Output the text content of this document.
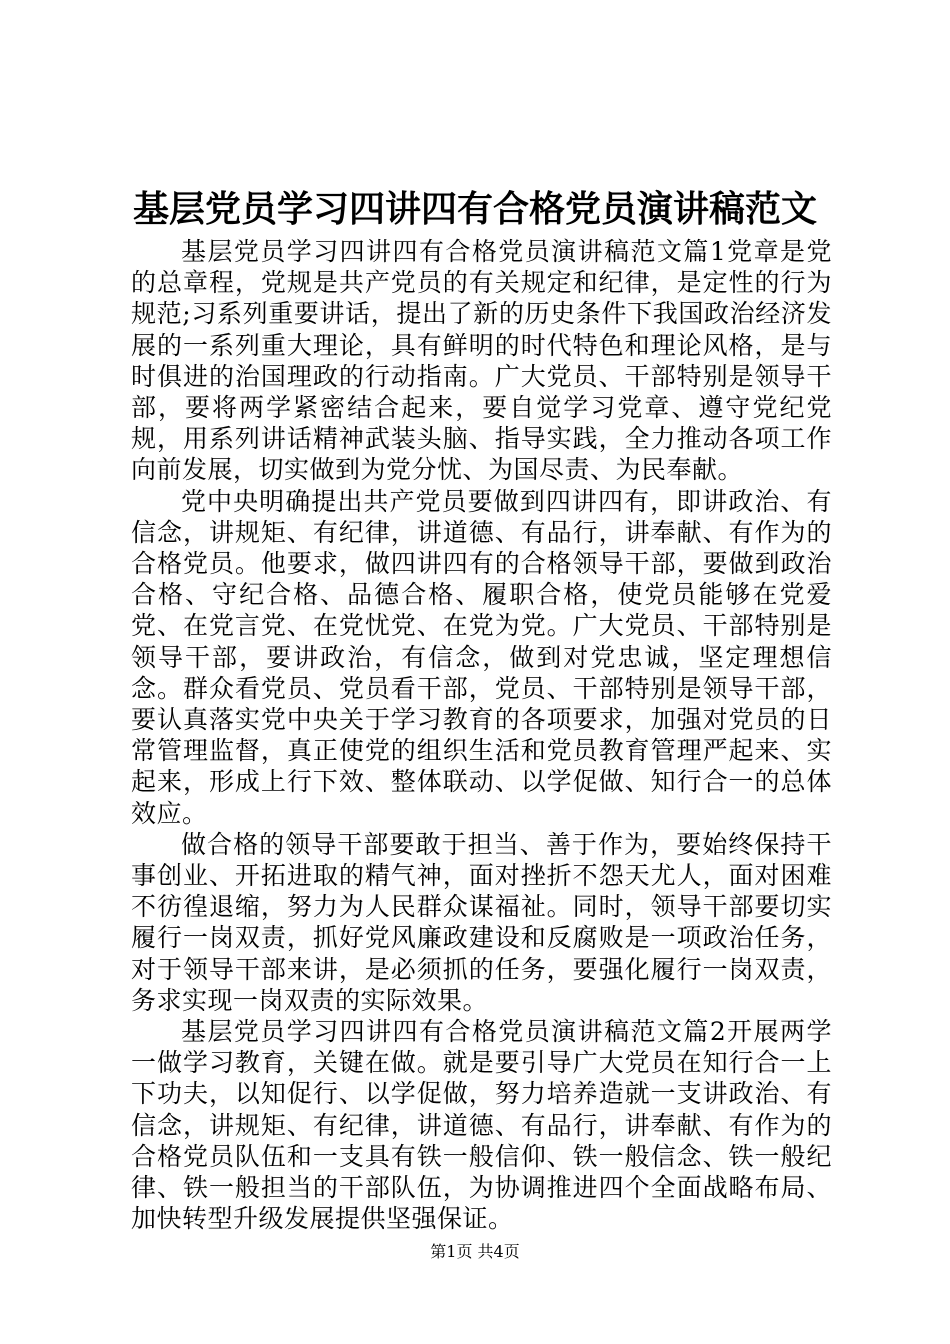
基层党员学习四讲四有合格党员演讲稿范文

基层党员学习四讲四有合格党员演讲稿范文篇1党章是党的总章程，党规是共产党员的有关规定和纪律，是定性的行为规范;习系列重要讲话，提出了新的历史条件下我国政治经济发展的一系列重大理论，具有鲜明的时代特色和理论风格，是与时俱进的治国理政的行动指南。广大党员、干部特别是领导干部，要将两学紧密结合起来，要自觉学习党章、遵守党纪党规，用系列讲话精神武装头脑、指导实践，全力推动各项工作向前发展，切实做到为党分忧、为国尽责、为民奉献。

党中央明确提出共产党员要做到四讲四有，即讲政治、有信念，讲规矩、有纪律，讲道德、有品行，讲奉献、有作为的合格党员。他要求，做四讲四有的合格领导干部，要做到政治合格、守纪合格、品德合格、履职合格，使党员能够在党爱党、在党言党、在党忧党、在党为党。广大党员、干部特别是领导干部，要讲政治，有信念，做到对党忠诚，坚定理想信念。群众看党员、党员看干部，党员、干部特别是领导干部，要认真落实党中央关于学习教育的各项要求，加强对党员的日常管理监督，真正使党的组织生活和党员教育管理严起来、实起来，形成上行下效、整体联动、以学促做、知行合一的总体效应。

做合格的领导干部要敢于担当、善于作为，要始终保持干事创业、开拓进取的精气神，面对挫折不怨天尤人，面对困难不彷徨退缩，努力为人民群众谋福祉。同时，领导干部要切实履行一岗双责，抓好党风廉政建设和反腐败是一项政治任务，对于领导干部来讲，是必须抓的任务，要强化履行一岗双责，务求实现一岗双责的实际效果。

基层党员学习四讲四有合格党员演讲稿范文篇2开展两学一做学习教育，关键在做。就是要引导广大党员在知行合一上下功夫，以知促行、以学促做，努力培养造就一支讲政治、有信念，讲规矩、有纪律，讲道德、有品行，讲奉献、有作为的合格党员队伍和一支具有铁一般信仰、铁一般信念、铁一般纪律、铁一般担当的干部队伍，为协调推进四个全面战略布局、加快转型升级发展提供坚强保证。

第1页 共4页
